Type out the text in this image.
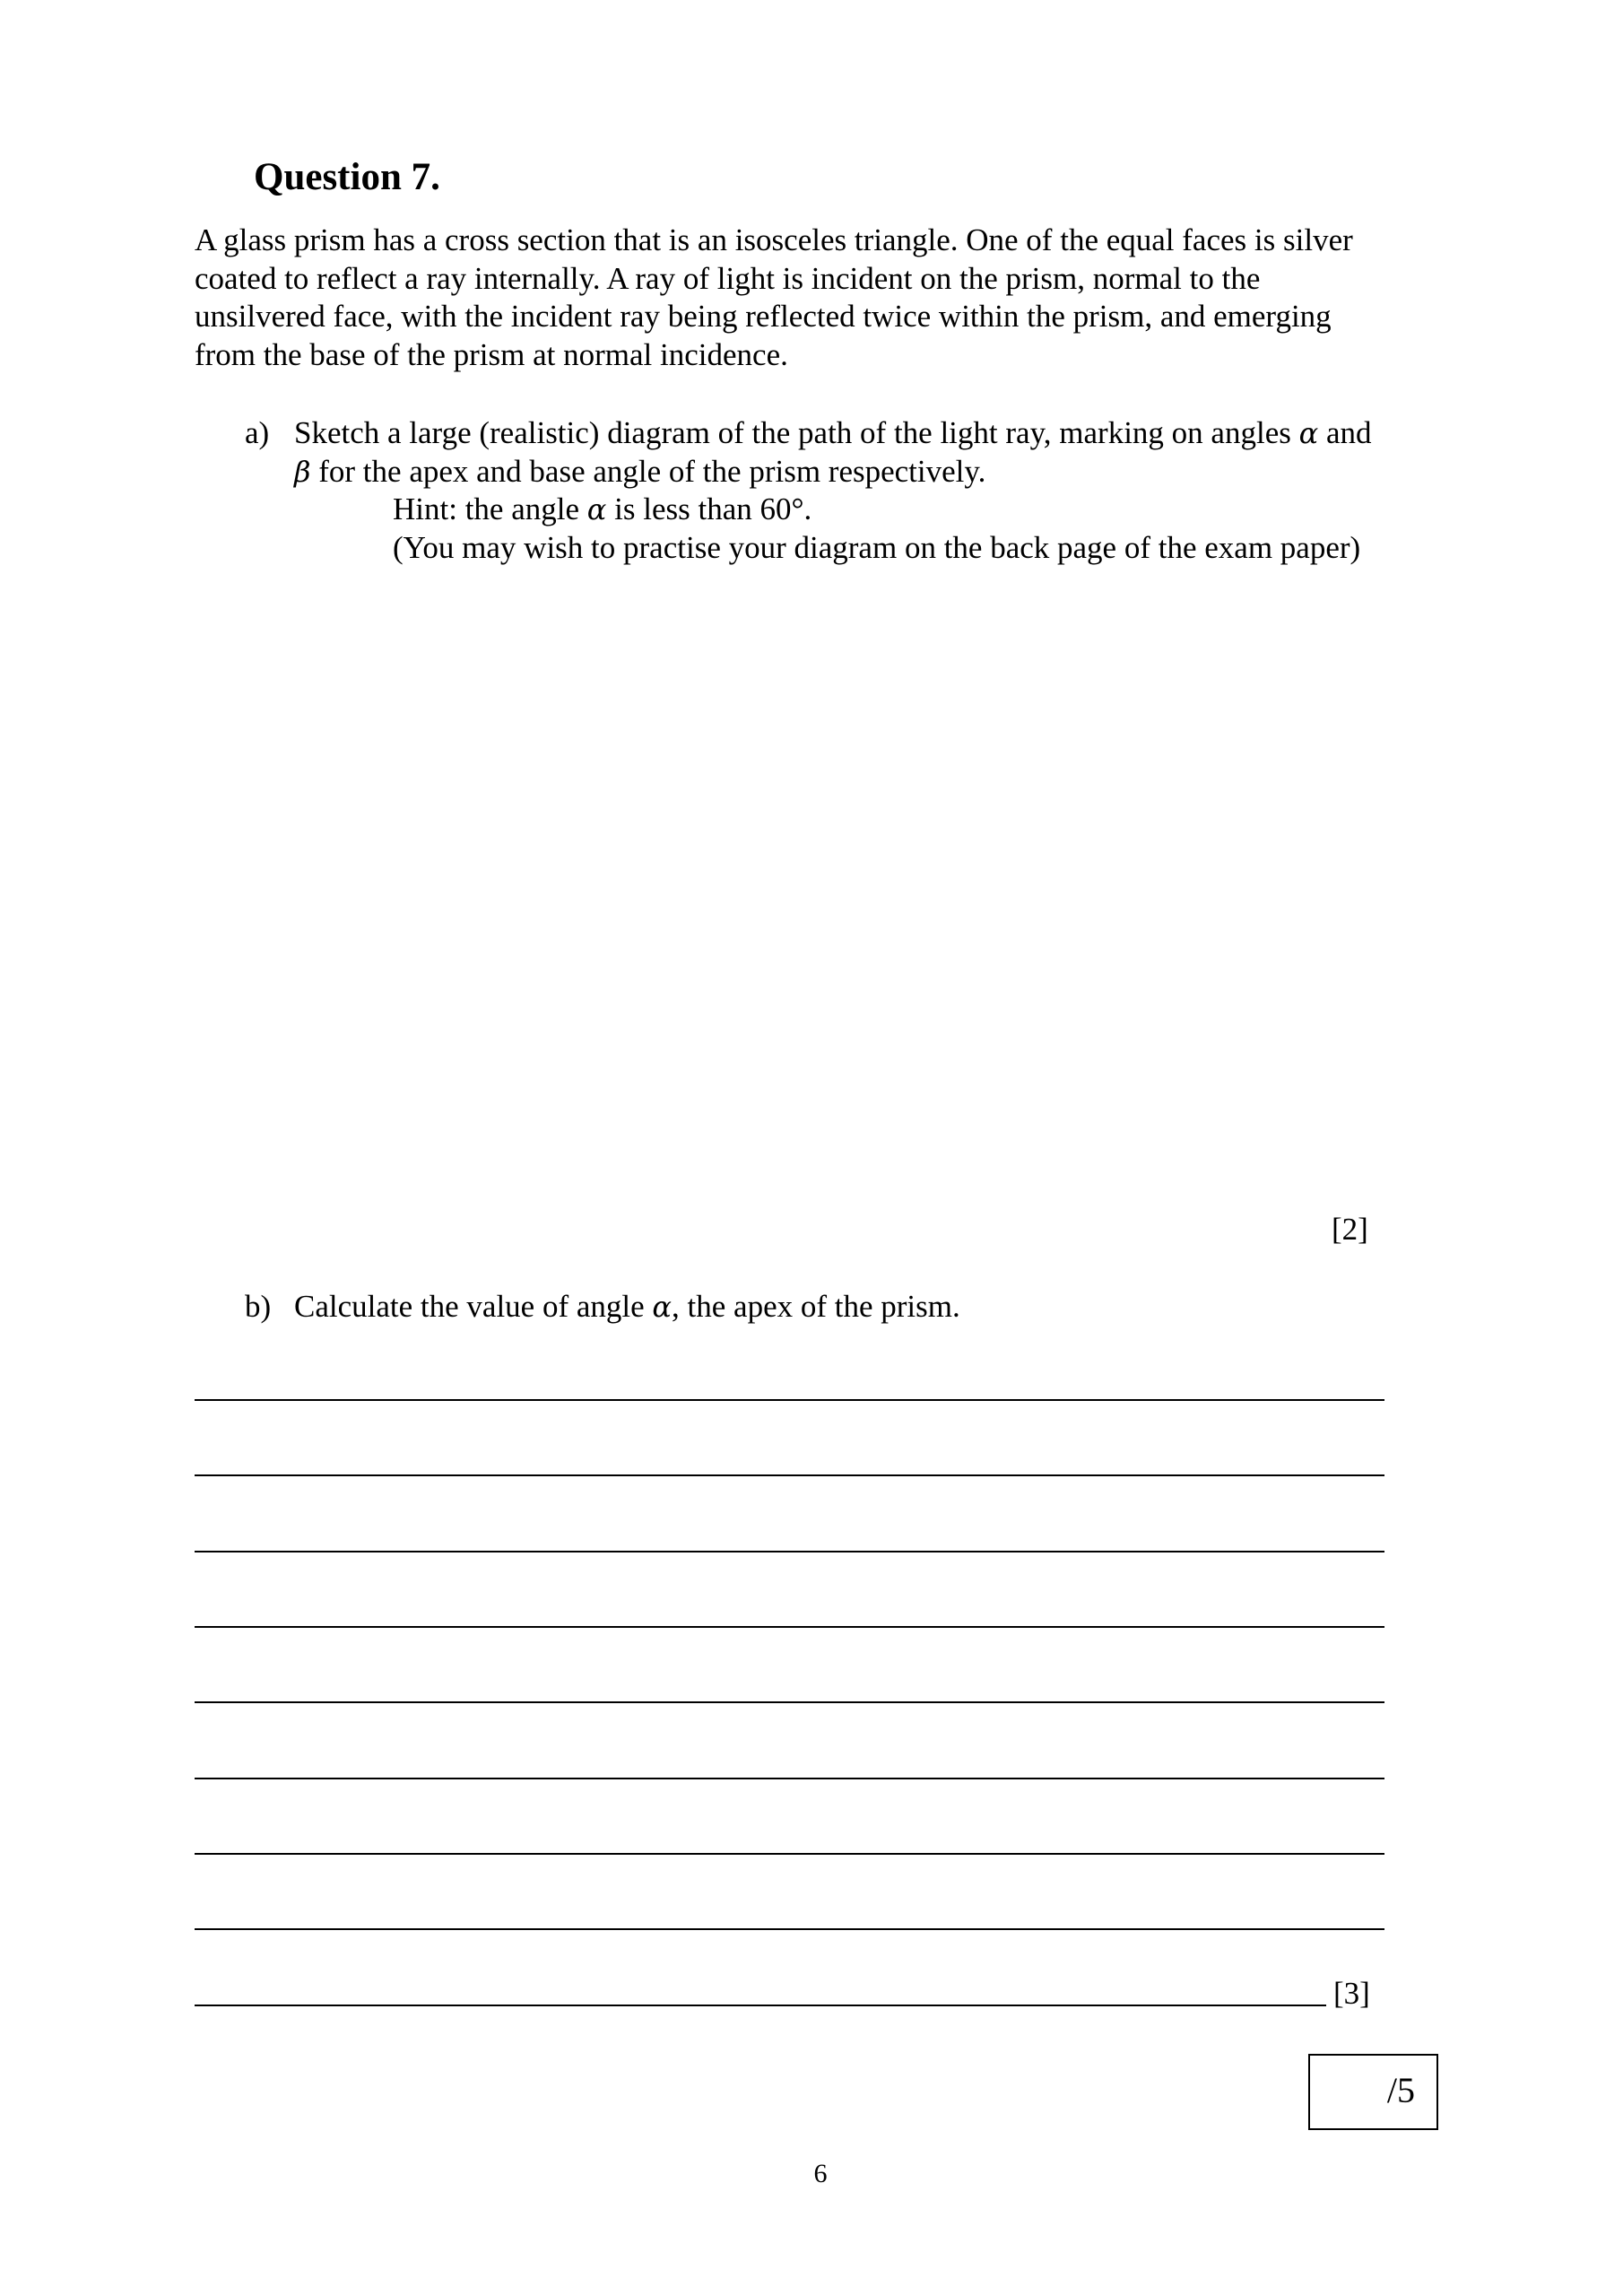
Question 7.
A glass prism has a cross section that is an isosceles triangle. One of the equal faces is silver
coated to reflect a ray internally. A ray of light is incident on the prism, normal to the
unsilvered face, with the incident ray being reflected twice within the prism, and emerging
from the base of the prism at normal incidence.
a) Sketch a large (realistic) diagram of the path of the light ray, marking on angles α and
β for the apex and base angle of the prism respectively.
Hint: the angle α is less than 60°.
(You may wish to practise your diagram on the back page of the exam paper)
[2]
b) Calculate the value of angle α, the apex of the prism.
[3]
/5
6
